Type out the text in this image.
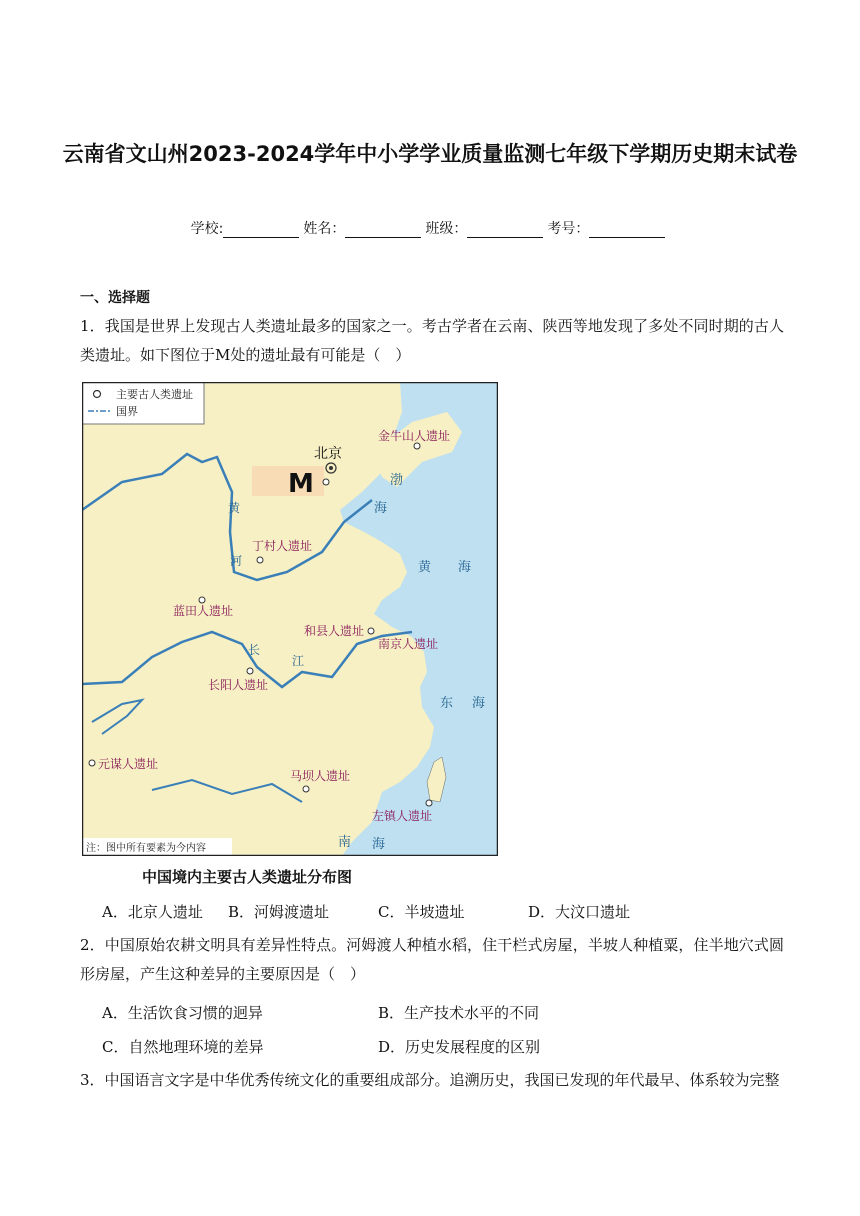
云南省文山州2023-2024学年中小学学业质量监测七年级下学期历史期末试卷
学校:	姓名：	班级：	考号：
一、选择题
1．我国是世界上发现古人类遗址最多的国家之一。考古学者在云南、陕西等地发现了多处不同时期的古人类遗址。如下图位于M处的遗址最有可能是（　）
主要古人类遗址
国界
M
北京
金牛山人遗址
丁村人遗址
蓝田人遗址
和县人遗址
南京人遗址
长阳人遗址
元谋人遗址
马坝人遗址
左镇人遗址
渤
海
黄 海
东 海
南 海
黄
河
长
江
注：图中所有要素为今内容
中国境内主要古人类遗址分布图
A．北京人遗址 B．河姆渡遗址	C．半坡遗址	D．大汶口遗址
2．中国原始农耕文明具有差异性特点。河姆渡人种植水稻，住干栏式房屋，半坡人种植粟，住半地穴式圆形房屋，产生这种差异的主要原因是（　）
A．生活饮食习惯的迥异	B．生产技术水平的不同
C．自然地理环境的差异	D．历史发展程度的区别
3．中国语言文字是中华优秀传统文化的重要组成部分。追溯历史，我国已发现的年代最早、体系较为完整
